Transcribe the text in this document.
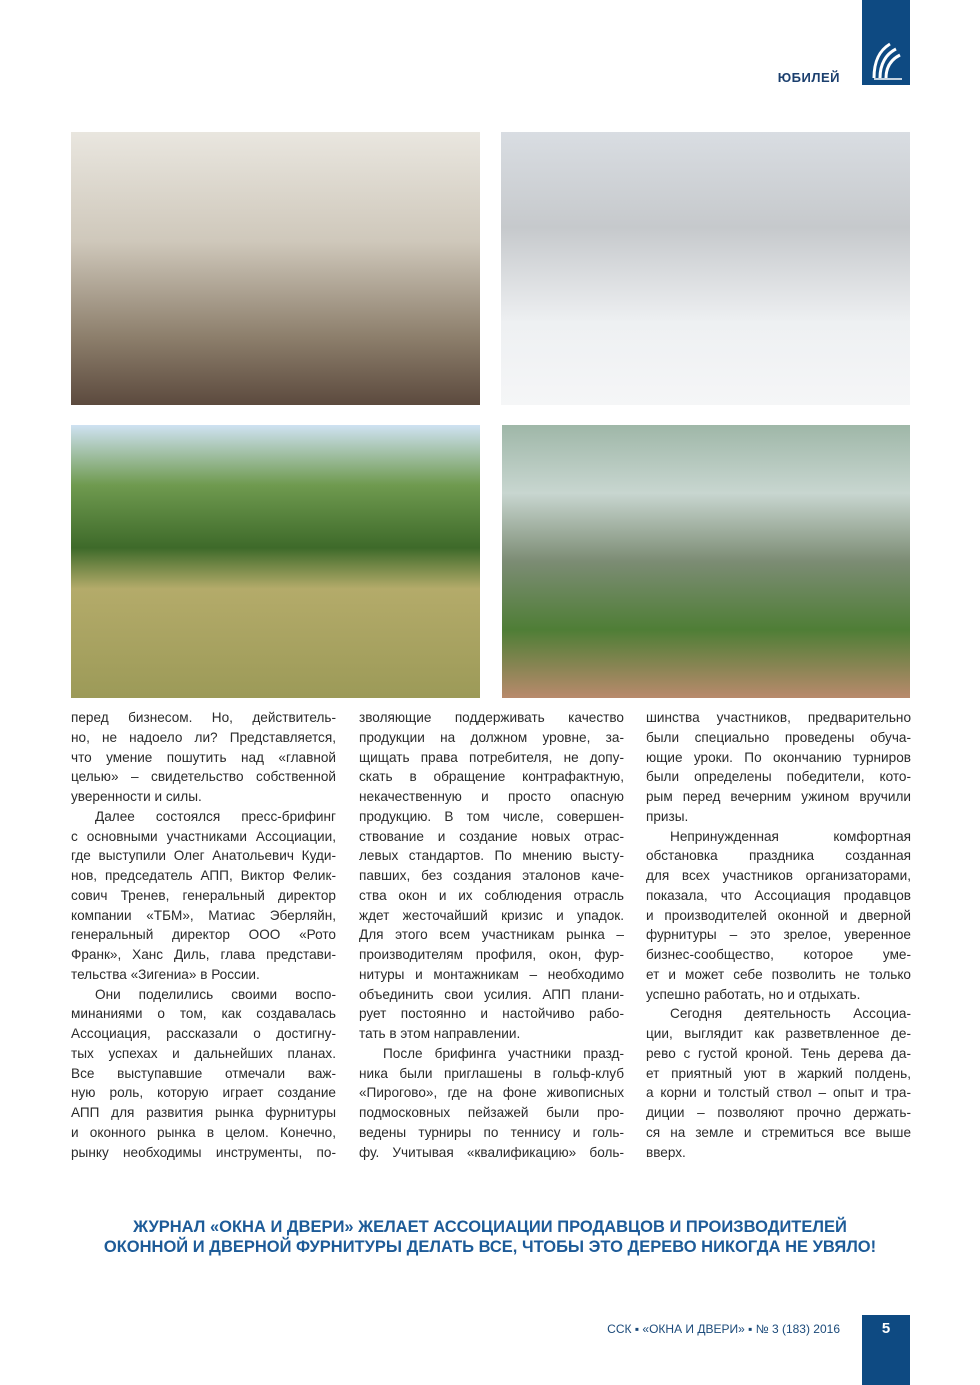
ЮБИЛЕЙ
перед бизнесом. Но, действитель-
но, не надоело ли? Представляется,
что умение пошутить над «главной
целью» – свидетельство собственной
уверенности и силы.
Далее состоялся пресс-брифинг
с основными участниками Ассоциации,
где выступили Олег Анатольевич Куди-
нов, председатель АПП, Виктор Фелик-
сович Тренев, генеральный директор
компании «ТБМ», Матиас Эберляйн,
генеральный директор ООО «Рото
Франк», Ханс Диль, глава представи-
тельства «Зигениа» в России.
Они поделились своими воспо-
минаниями о том, как создавалась
Ассоциация, рассказали о достигну-
тых успехах и дальнейших планах.
Все выступавшие отмечали важ-
ную роль, которую играет создание
АПП для развития рынка фурнитуры
и оконного рынка в целом. Конечно,
рынку необходимы инструменты, по-
зволяющие поддерживать качество
продукции на должном уровне, за-
щищать права потребителя, не допу-
скать в обращение контрафактную,
некачественную и просто опасную
продукцию. В том числе, совершен-
ствование и создание новых отрас-
левых стандартов. По мнению высту-
павших, без создания эталонов каче-
ства окон и их соблюдения отрасль
ждет жесточайший кризис и упадок.
Для этого всем участникам рынка –
производителям профиля, окон, фур-
нитуры и монтажникам – необходимо
объединить свои усилия. АПП плани-
рует постоянно и настойчиво рабо-
тать в этом направлении.
После брифинга участники празд-
ника были приглашены в гольф-клуб
«Пирогово», где на фоне живописных
подмосковных пейзажей были про-
ведены турниры по теннису и голь-
фу. Учитывая «квалификацию» боль-
шинства участников, предварительно
были специально проведены обуча-
ющие уроки. По окончанию турниров
были определены победители, кото-
рым перед вечерним ужином вручили
призы.
Непринужденная комфортная
обстановка праздника созданная
для всех участников организаторами,
показала, что Ассоциация продавцов
и производителей оконной и дверной
фурнитуры – это зрелое, уверенное
бизнес-сообщество, которое уме-
ет и может себе позволить не только
успешно работать, но и отдыхать.
Сегодня деятельность Ассоциа-
ции, выглядит как разветвленное де-
рево с густой кроной. Тень дерева да-
ет приятный уют в жаркий полдень,
а корни и толстый ствол – опыт и тра-
диции – позволяют прочно держать-
ся на земле и стремиться все выше
вверх.
ЖУРНАЛ «ОКНА И ДВЕРИ» ЖЕЛАЕТ АССОЦИАЦИИ ПРОДАВЦОВ И ПРОИЗВОДИТЕЛЕЙ
ОКОННОЙ И ДВЕРНОЙ ФУРНИТУРЫ ДЕЛАТЬ ВСЕ, ЧТОБЫ ЭТО ДЕРЕВО НИКОГДА НЕ УВЯЛО!
ССК ▪ «ОКНА И ДВЕРИ» ▪ № 3 (183) 2016	5
